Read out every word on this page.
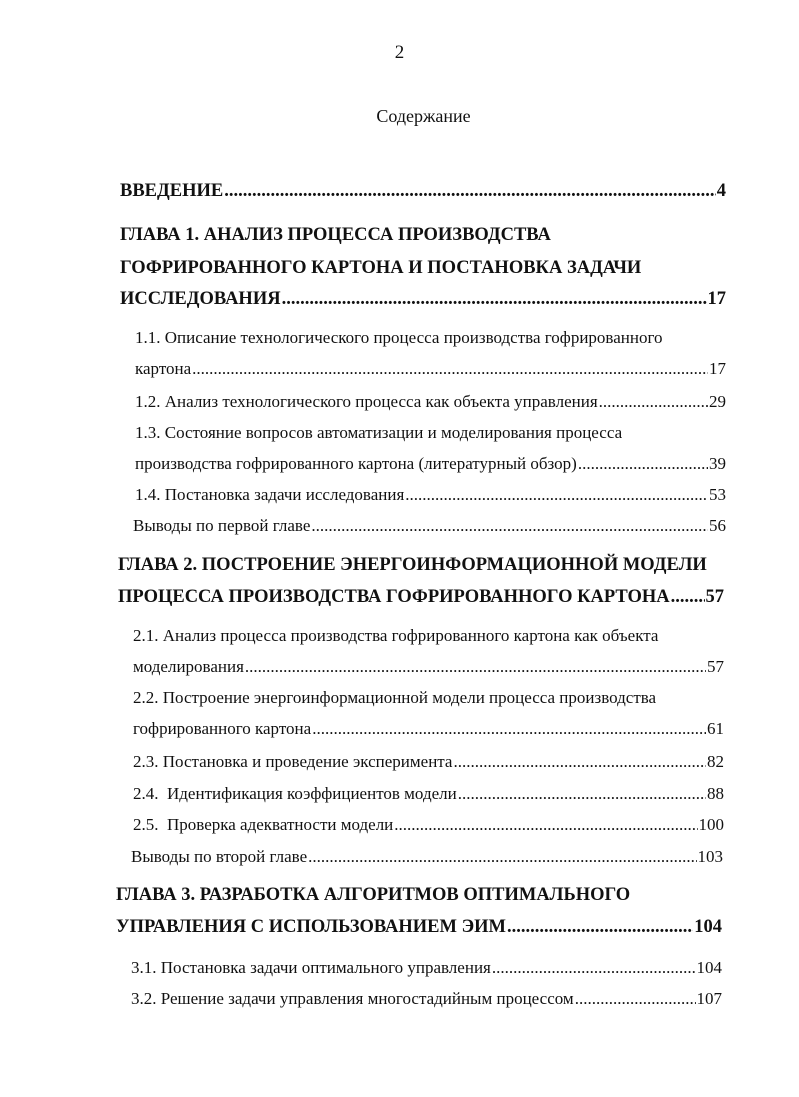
2
Содержание
ВВЕДЕНИЕ .....	4
ГЛАВА 1. АНАЛИЗ ПРОЦЕССА ПРОИЗВОДСТВА
ГОФРИРОВАННОГО КАРТОНА И ПОСТАНОВКА ЗАДАЧИ
ИССЛЕДОВАНИЯ .....	17
1.1. Описание технологического процесса производства гофрированного
картона .....	17
1.2. Анализ технологического процесса как объекта управления .....	29
1.3. Состояние вопросов автоматизации и моделирования процесса
производства гофрированного картона (литературный обзор) .....	39
1.4. Постановка задачи исследования .....	53
Выводы по первой главе .....	56
ГЛАВА 2. ПОСТРОЕНИЕ ЭНЕРГОИНФОРМАЦИОННОЙ МОДЕЛИ
ПРОЦЕССА ПРОИЗВОДСТВА ГОФРИРОВАННОГО КАРТОНА ..... 57
2.1. Анализ процесса производства гофрированного картона как объекта
моделирования .....	57
2.2. Построение энергоинформационной модели процесса производства
гофрированного картона .....	61
2.3. Постановка и проведение эксперимента .....	82
2.4.  Идентификация коэффициентов модели .....	88
2.5.  Проверка адекватности модели .....	100
Выводы по второй главе .....	103
ГЛАВА 3. РАЗРАБОТКА АЛГОРИТМОВ ОПТИМАЛЬНОГО
УПРАВЛЕНИЯ С ИСПОЛЬЗОВАНИЕМ ЭИМ .....	104
3.1. Постановка задачи оптимального управления .....	104
3.2. Решение задачи управления многостадийным процессом .....	107
